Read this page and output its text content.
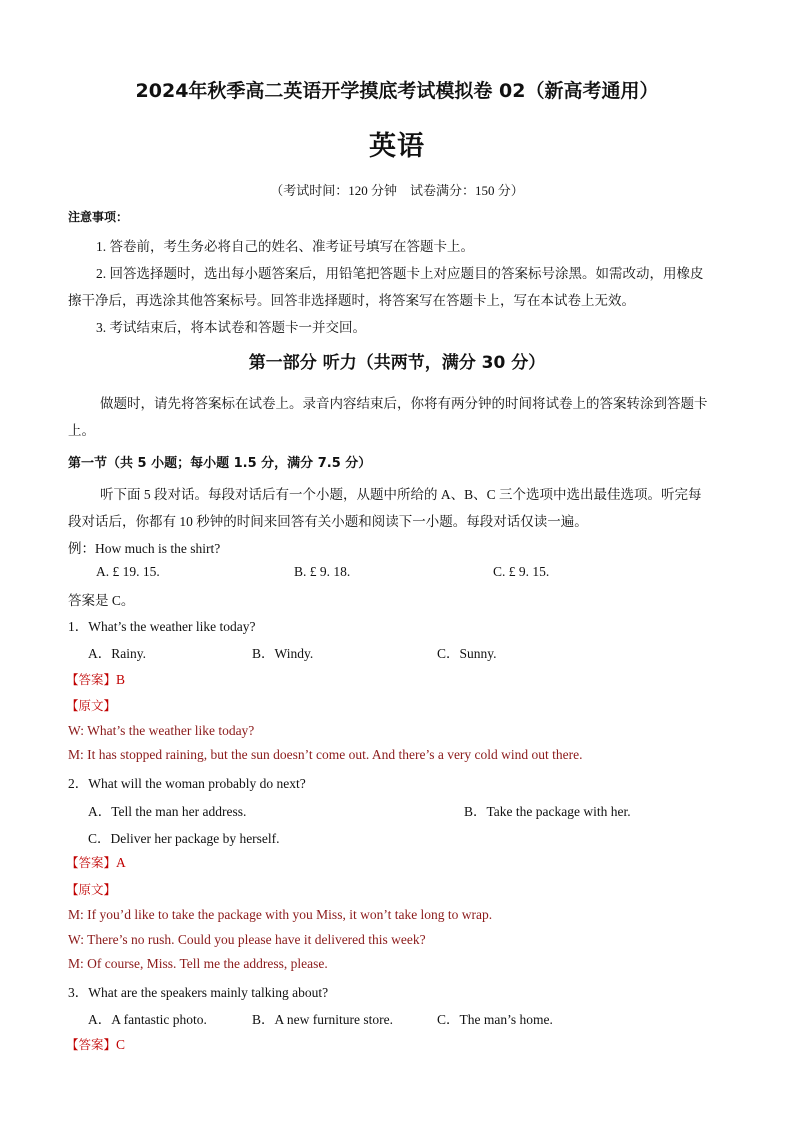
2024年秋季高二英语开学摸底考试模拟卷 02（新高考通用）
英语
（考试时间：120 分钟　试卷满分：150 分）
注意事项：
1. 答卷前，考生务必将自己的姓名、准考证号填写在答题卡上。
2. 回答选择题时，选出每小题答案后，用铅笔把答题卡上对应题目的答案标号涂黑。如需改动，用橡皮
擦干净后，再选涂其他答案标号。回答非选择题时，将答案写在答题卡上，写在本试卷上无效。
3. 考试结束后，将本试卷和答题卡一并交回。
第一部分 听力（共两节，满分 30 分）
做题时，请先将答案标在试卷上。录音内容结束后，你将有两分钟的时间将试卷上的答案转涂到答题卡
上。
第一节（共 5 小题；每小题 1.5 分，满分 7.5 分）
听下面 5 段对话。每段对话后有一个小题，从题中所给的 A、B、C 三个选项中选出最佳选项。听完每
段对话后，你都有 10 秒钟的时间来回答有关小题和阅读下一小题。每段对话仅读一遍。
例：How much is the shirt?
A. £ 19. 15.	B. £ 9. 18.	C. £ 9. 15.
答案是 C。
1．What’s the weather like today?
A．Rainy.	B．Windy.	C．Sunny.
【答案】B
【原文】
W: What’s the weather like today?
M: It has stopped raining, but the sun doesn’t come out. And there’s a very cold wind out there.
2．What will the woman probably do next?
A．Tell the man her address.	B．Take the package with her.
C．Deliver her package by herself.
【答案】A
【原文】
M: If you’d like to take the package with you Miss, it won’t take long to wrap.
W: There’s no rush. Could you please have it delivered this week?
M: Of course, Miss. Tell me the address, please.
3．What are the speakers mainly talking about?
A．A fantastic photo.	B．A new furniture store.	C．The man’s home.
【答案】C
